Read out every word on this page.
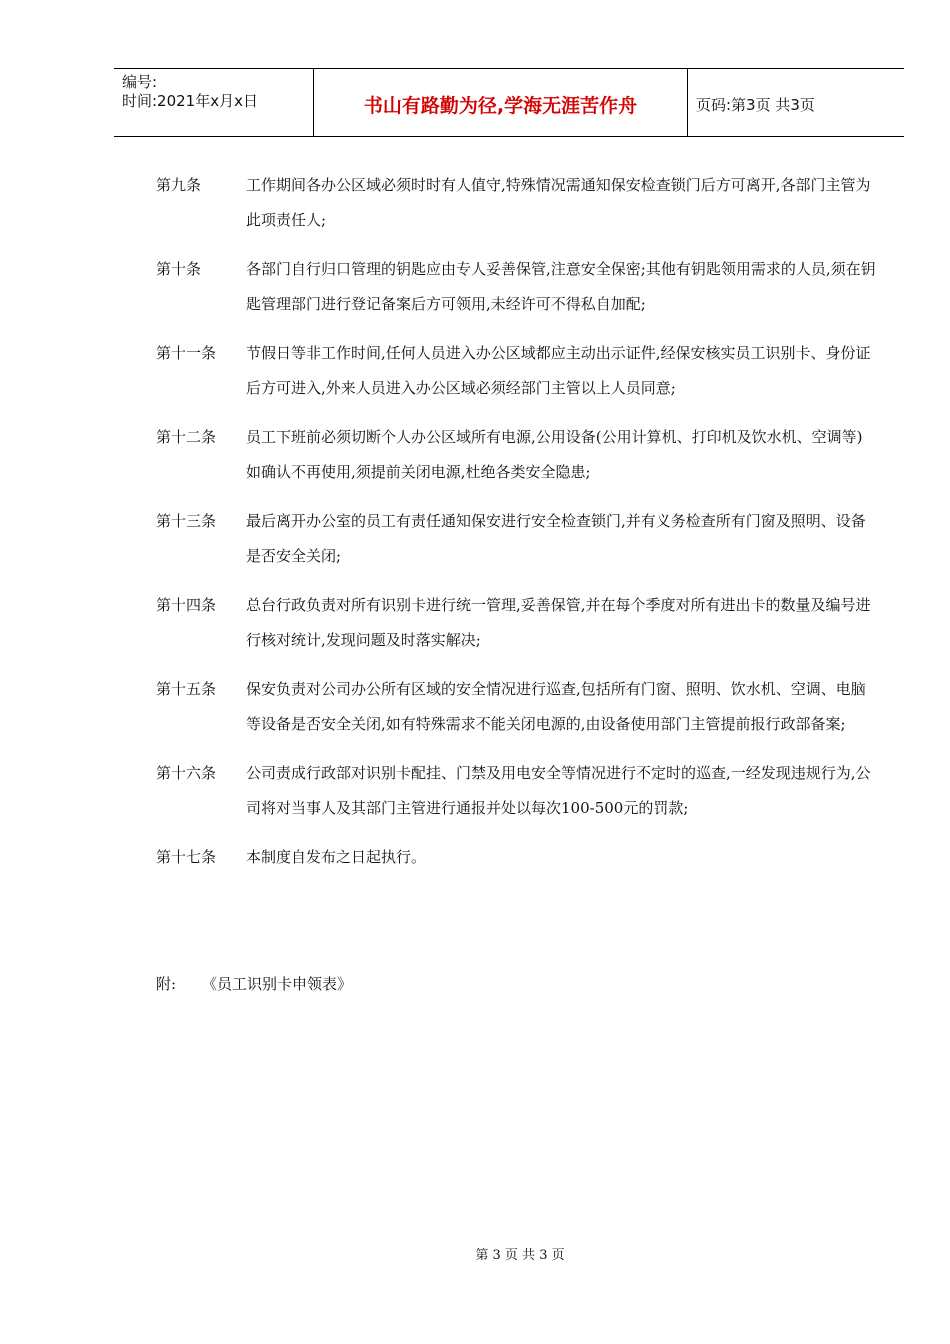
编号:
时间:2021年x月x日	书山有路勤为径,学海无涯苦作舟	页码:第3页 共3页
第九条	工作期间各办公区域必须时时有人值守,特殊情况需通知保安检查锁门后方可离开,各部门主管为此项责任人;
第十条	各部门自行归口管理的钥匙应由专人妥善保管,注意安全保密;其他有钥匙领用需求的人员,须在钥匙管理部门进行登记备案后方可领用,未经许可不得私自加配;
第十一条	节假日等非工作时间,任何人员进入办公区域都应主动出示证件,经保安核实员工识别卡、身份证后方可进入,外来人员进入办公区域必须经部门主管以上人员同意;
第十二条	员工下班前必须切断个人办公区域所有电源,公用设备(公用计算机、打印机及饮水机、空调等)如确认不再使用,须提前关闭电源,杜绝各类安全隐患;
第十三条	最后离开办公室的员工有责任通知保安进行安全检查锁门,并有义务检查所有门窗及照明、设备是否安全关闭;
第十四条	总台行政负责对所有识别卡进行统一管理,妥善保管,并在每个季度对所有进出卡的数量及编号进行核对统计,发现问题及时落实解决;
第十五条	保安负责对公司办公所有区域的安全情况进行巡查,包括所有门窗、照明、饮水机、空调、电脑等设备是否安全关闭,如有特殊需求不能关闭电源的,由设备使用部门主管提前报行政部备案;
第十六条	公司责成行政部对识别卡配挂、门禁及用电安全等情况进行不定时的巡查,一经发现违规行为,公司将对当事人及其部门主管进行通报并处以每次100-500元的罚款;
第十七条	本制度自发布之日起执行。
附:	《员工识别卡申领表》
第 3 页 共 3 页
